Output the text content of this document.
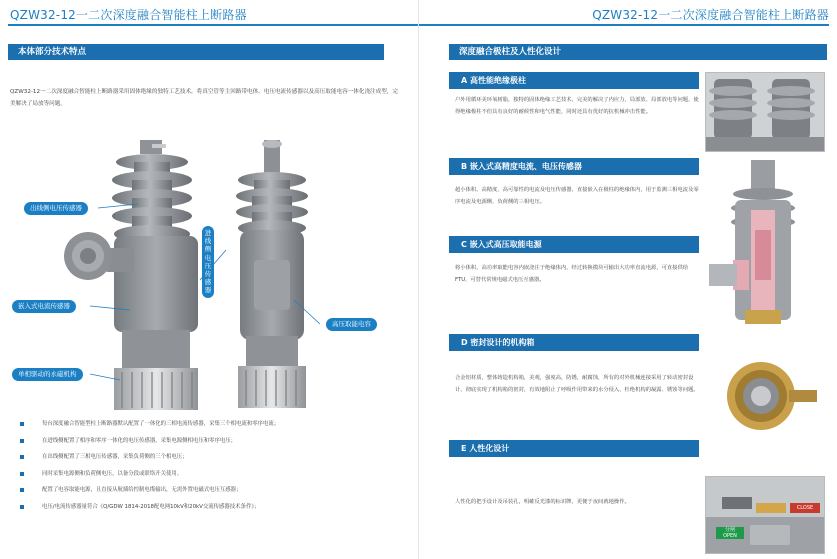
QZW32-12一二次深度融合智能柱上断路器
本体部分技术特点

QZW32-12一二次深度融合智能柱上断路器采用固体绝缘的独特工艺技术，将真空管等主回路带电体、电压电流传感器以及高压取能电容一体化浇注成型，完美解决了局放等问题。

出线侧电压传感器
嵌入式电流传感器
单相驱动的永磁机构
进线侧电压传感器
高压取能电容
每台深度融合智能型柱上断路器默认配置了一体化的三相电流传感器，采集三个相电流和零序电流；
在进线侧配置了相序和零序一体化的电压传感器，采集电源侧相电压和零序电压；
在出线侧配置了三相电压传感器，采集负荷侧的三个相电压；
同时采集电源侧和负荷侧电压，以备分段或联络开关使用。
配置了电容取能电源，且直接从航插给控制电缆输出，无需外置电磁式电压互感器；
电压/电流传感器量符合《Q/GDW 1814-2018配电网10kV和20kV交流传感器技术条件》；
QZW32-12一二次深度融合智能柱上断路器
深度融合极柱及人性化设计
A 高性能绝缘极柱

户外用循环美环氧树脂，独特的固体绝缘工艺技术，完美的解决了内应力、局部放、局部放电等问题，使得绝缘极柱不但具有良好的耐候性和电气性能，同时还具有优好的抗机械冲击性能。

B 嵌入式高精度电流、电压传感器

超小体积、高精度、高可靠性的电流及电压传感器，直接嵌入在极柱的绝缘体内，用于监测三相电流及零序电流及电源侧、负荷侧的三相电压。

C 嵌入式高压取能电源

将小体积、高功率取能电容内嵌浇注于绝缘体内，经过转换模块可输出大功率直流电源，可直接供给FTU，可替代常规电磁式电压互感器。

D 密封设计的机构箱

合金铝材质，整体铸造机构箱，美观，强度高，防锈，耐腐蚀，所有的对外机械连接采用了转动密封设计，彻底实现了机构箱的密封，有效地阻止了呼吸作用带来的水分侵入，杜绝机构的凝露、锈蚀等问题。

E 人性化设计

人性化的把手设计及吊装孔，明確反光漆的标识牌，更便于夜间就地操作。

分闸
OPEN
CLOSE
